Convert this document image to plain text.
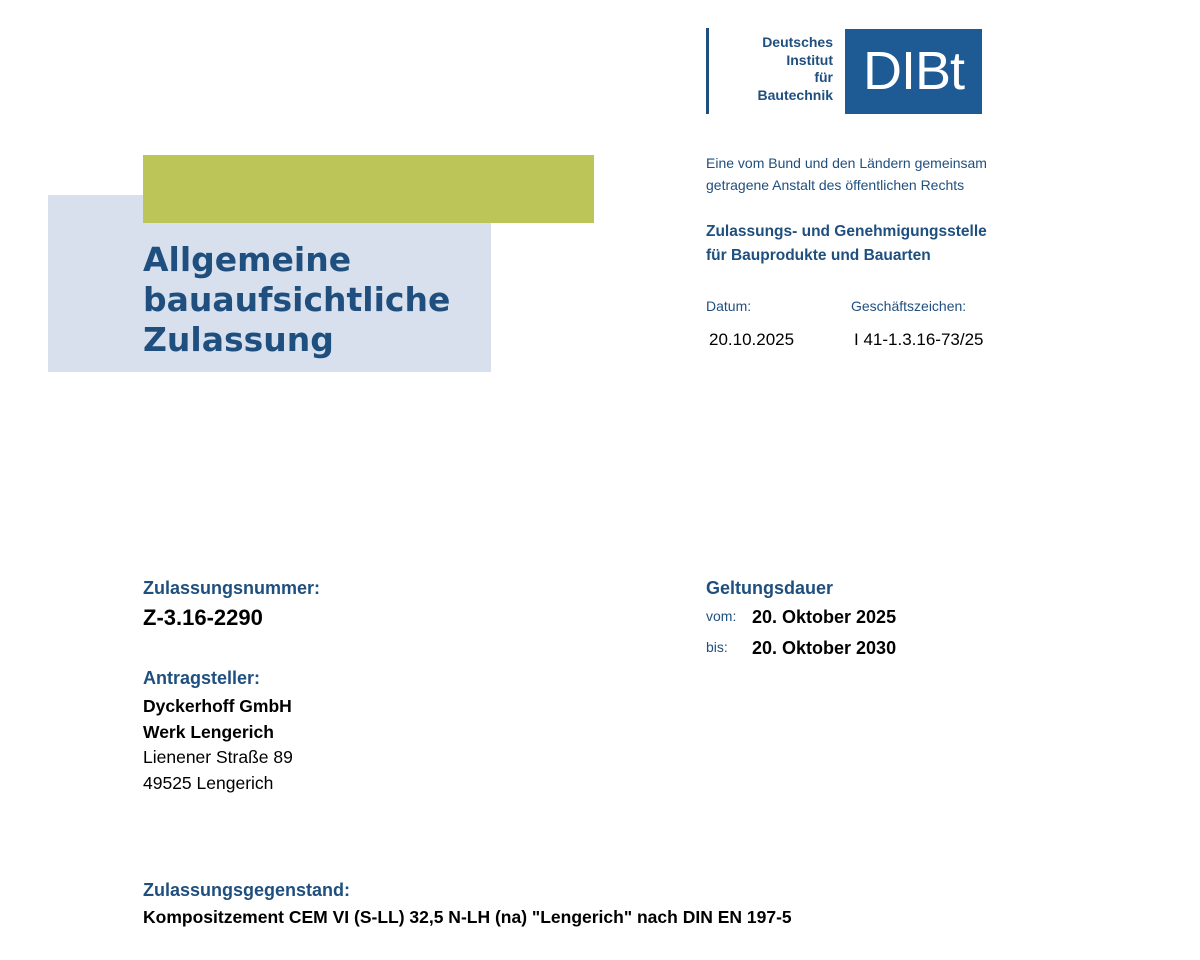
Allgemeine
bauaufsichtliche
Zulassung
Deutsches
Institut
für
Bautechnik DIBt
Eine vom Bund und den Ländern gemeinsam
getragene Anstalt des öffentlichen Rechts
Zulassungs- und Genehmigungsstelle
für Bauprodukte und Bauarten
Datum:	Geschäftszeichen:
20.10.2025	I 41-1.3.16-73/25
Zulassungsnummer:
Z-3.16-2290
Antragsteller:
Dyckerhoff GmbH
Werk Lengerich
Lienener Straße 89
49525 Lengerich
Geltungsdauer
vom: 20. Oktober 2025
bis: 20. Oktober 2030
Zulassungsgegenstand:
Kompositzement CEM VI (S-LL) 32,5 N-LH (na) "Lengerich" nach DIN EN 197-5
